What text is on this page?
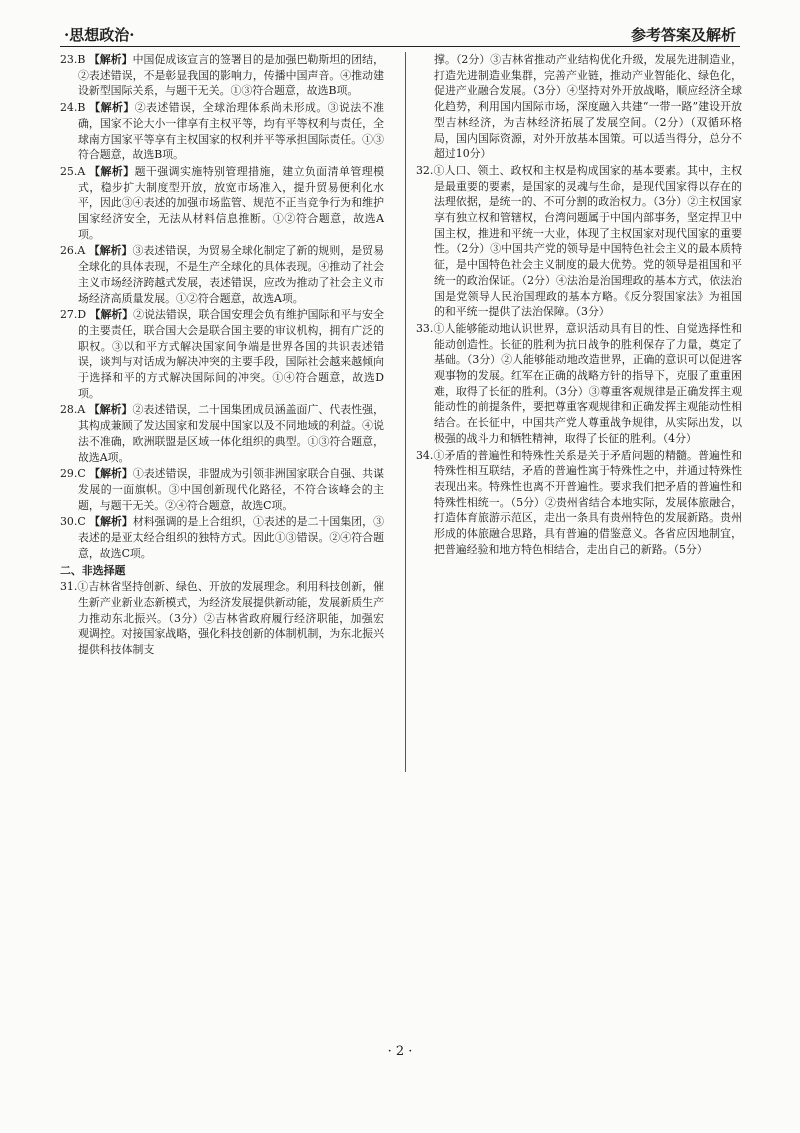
·思想政治·	参考答案及解析

23.B 【解析】中国促成该宣言的签署目的是加强巴勒斯坦的团结，②表述错误，不是彰显我国的影响力，传播中国声音。④推动建设新型国际关系，与题干无关。①③符合题意，故选B项。

24.B 【解析】②表述错误，全球治理体系尚未形成。③说法不准确，国家不论大小一律享有主权平等，均有平等权利与责任，全球南方国家平等享有主权国家的权利并平等承担国际责任。①③符合题意，故选B项。

25.A 【解析】题干强调实施特别管理措施，建立负面清单管理模式，稳步扩大制度型开放，放宽市场准入，提升贸易便利化水平，因此③④表述的加强市场监管、规范不正当竞争行为和维护国家经济安全，无法从材料信息推断。①②符合题意，故选A项。

26.A 【解析】③表述错误，为贸易全球化制定了新的规则，是贸易全球化的具体表现，不是生产全球化的具体表现。④推动了社会主义市场经济跨越式发展，表述错误，应改为推动了社会主义市场经济高质量发展。①②符合题意，故选A项。

27.D 【解析】②说法错误，联合国安理会负有维护国际和平与安全的主要责任，联合国大会是联合国主要的审议机构，拥有广泛的职权。③以和平方式解决国家间争端是世界各国的共识表述错误，谈判与对话成为解决冲突的主要手段，国际社会越来越倾向于选择和平的方式解决国际间的冲突。①④符合题意，故选D项。

28.A 【解析】②表述错误，二十国集团成员涵盖面广、代表性强，其构成兼顾了发达国家和发展中国家以及不同地域的利益。④说法不准确，欧洲联盟是区域一体化组织的典型。①③符合题意，故选A项。

29.C 【解析】①表述错误，非盟成为引领非洲国家联合自强、共谋发展的一面旗帜。③中国创新现代化路径，不符合该峰会的主题，与题干无关。②④符合题意，故选C项。

30.C 【解析】材料强调的是上合组织，①表述的是二十国集团，③表述的是亚太经合组织的独特方式。因此①③错误。②④符合题意，故选C项。

二、非选择题

31.①吉林省坚持创新、绿色、开放的发展理念。利用科技创新，催生新产业新业态新模式，为经济发展提供新动能，发展新质生产力推动东北振兴。（3分）②吉林省政府履行经济职能，加强宏观调控。对接国家战略，强化科技创新的体制机制，为东北振兴提供科技体制支

撑。（2分）③吉林省推动产业结构优化升级，发展先进制造业，打造先进制造业集群，完善产业链，推动产业智能化、绿色化，促进产业融合发展。（3分）④坚持对外开放战略，顺应经济全球化趋势，利用国内国际市场，深度融入共建“一带一路”建设开放型吉林经济，为吉林经济拓展了发展空间。（2分）（双循环格局，国内国际资源，对外开放基本国策。可以适当得分，总分不超过10分）

32.①人口、领土、政权和主权是构成国家的基本要素。其中，主权是最重要的要素，是国家的灵魂与生命，是现代国家得以存在的法理依据，是统一的、不可分割的政治权力。（3分）②主权国家享有独立权和管辖权，台湾问题属于中国内部事务，坚定捍卫中国主权，推进和平统一大业，体现了主权国家对现代国家的重要性。（2分）③中国共产党的领导是中国特色社会主义的最本质特征，是中国特色社会主义制度的最大优势。党的领导是祖国和平统一的政治保证。（2分）④法治是治国理政的基本方式，依法治国是党领导人民治国理政的基本方略。《反分裂国家法》为祖国的和平统一提供了法治保障。（3分）

33.①人能够能动地认识世界，意识活动具有目的性、自觉选择性和能动创造性。长征的胜利为抗日战争的胜利保存了力量，奠定了基础。（3分）②人能够能动地改造世界，正确的意识可以促进客观事物的发展。红军在正确的战略方针的指导下，克服了重重困难，取得了长征的胜利。（3分）③尊重客观规律是正确发挥主观能动性的前提条件，要把尊重客观规律和正确发挥主观能动性相结合。在长征中，中国共产党人尊重战争规律，从实际出发，以极强的战斗力和牺牲精神，取得了长征的胜利。（4分）

34.①矛盾的普遍性和特殊性关系是关于矛盾问题的精髓。普遍性和特殊性相互联结，矛盾的普遍性寓于特殊性之中，并通过特殊性表现出来。特殊性也离不开普遍性。要求我们把矛盾的普遍性和特殊性相统一。（5分）②贵州省结合本地实际，发展体旅融合，打造体育旅游示范区，走出一条具有贵州特色的发展新路。贵州形成的体旅融合思路，具有普遍的借鉴意义。各省应因地制宜，把普遍经验和地方特色相结合，走出自己的新路。（5分）

· 2 ·
